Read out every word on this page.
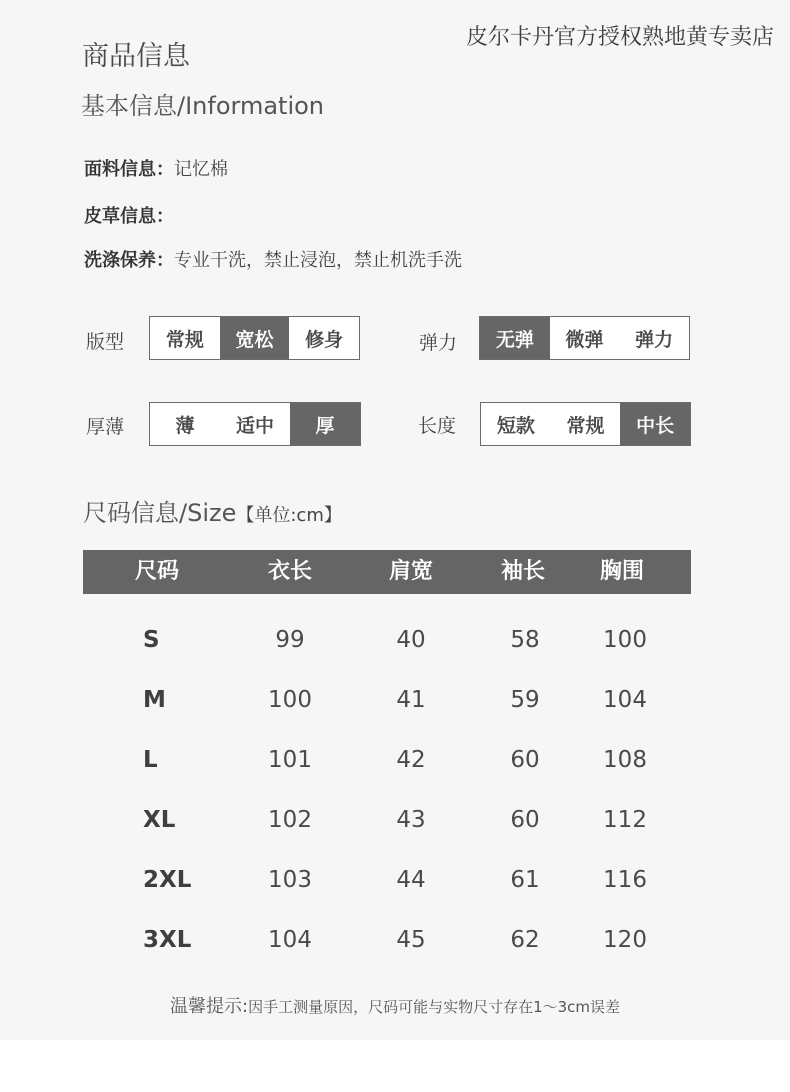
皮尔卡丹官方授权熟地黄专卖店
商品信息
基本信息/Information
面料信息：记忆棉
皮草信息：
洗涤保养：专业干洗，禁止浸泡，禁止机洗手洗
版型	常规	宽松	修身	弹力	无弹	微弹	弹力
厚薄	薄	适中	厚	长度	短款	常规	中长
尺码信息/Size【单位:cm】
尺码	衣长	肩宽	袖长 胸围
S	99	40	58	100
M	100	41	59	104
L	101	42	60	108
XL	102	43	60	112
2XL	103	44	61	116
3XL	104	45	62	120
温馨提示:因手工测量原因，尺码可能与实物尺寸存在1～3cm误差
